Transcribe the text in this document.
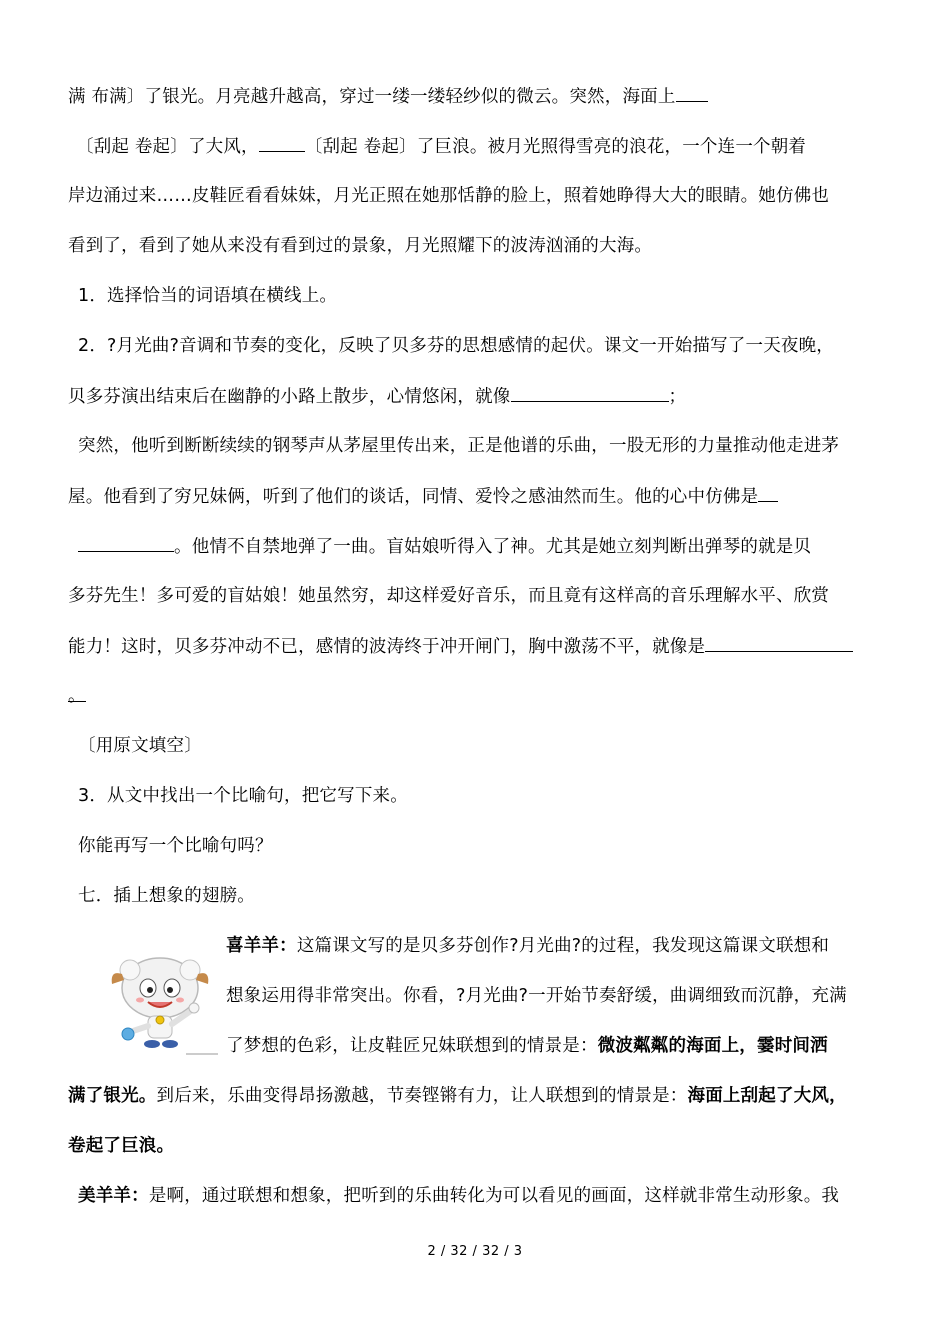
满 布满〕了银光。月亮越升越高，穿过一缕一缕轻纱似的微云。突然，海面上
〔刮起 卷起〕了大风，	〔刮起 卷起〕了巨浪。被月光照得雪亮的浪花，一个连一个朝着
岸边涌过来……皮鞋匠看看妹妹，月光正照在她那恬静的脸上，照着她睁得大大的眼睛。她仿佛也
看到了，看到了她从来没有看到过的景象，月光照耀下的波涛汹涌的大海。
1．选择恰当的词语填在横线上。
2．?月光曲?音调和节奏的变化，反映了贝多芬的思想感情的起伏。课文一开始描写了一天夜晚，
贝多芬演出结束后在幽静的小路上散步，心情悠闲，就像	；
突然，他听到断断续续的钢琴声从茅屋里传出来，正是他谱的乐曲，一股无形的力量推动他走进茅
屋。他看到了穷兄妹俩，听到了他们的谈话，同情、爱怜之感油然而生。他的心中仿佛是
。他情不自禁地弹了一曲。盲姑娘听得入了神。尤其是她立刻判断出弹琴的就是贝
多芬先生！多可爱的盲姑娘！她虽然穷，却这样爱好音乐，而且竟有这样高的音乐理解水平、欣赏
能力！这时，贝多芬冲动不已，感情的波涛终于冲开闸门，胸中激荡不平，就像是
。
〔用原文填空〕
3．从文中找出一个比喻句，把它写下来。
你能再写一个比喻句吗？
七．插上想象的翅膀。
喜羊羊：这篇课文写的是贝多芬创作?月光曲?的过程，我发现这篇课文联想和
想象运用得非常突出。你看，?月光曲?一开始节奏舒缓，曲调细致而沉静，充满
了梦想的色彩，让皮鞋匠兄妹联想到的情景是：微波粼粼的海面上，霎时间洒
满了银光。到后来，乐曲变得昂扬激越，节奏铿锵有力，让人联想到的情景是：海面上刮起了大风，
卷起了巨浪。
美羊羊：是啊，通过联想和想象，把听到的乐曲转化为可以看见的画面，这样就非常生动形象。我
2 / 32 / 32 / 3
